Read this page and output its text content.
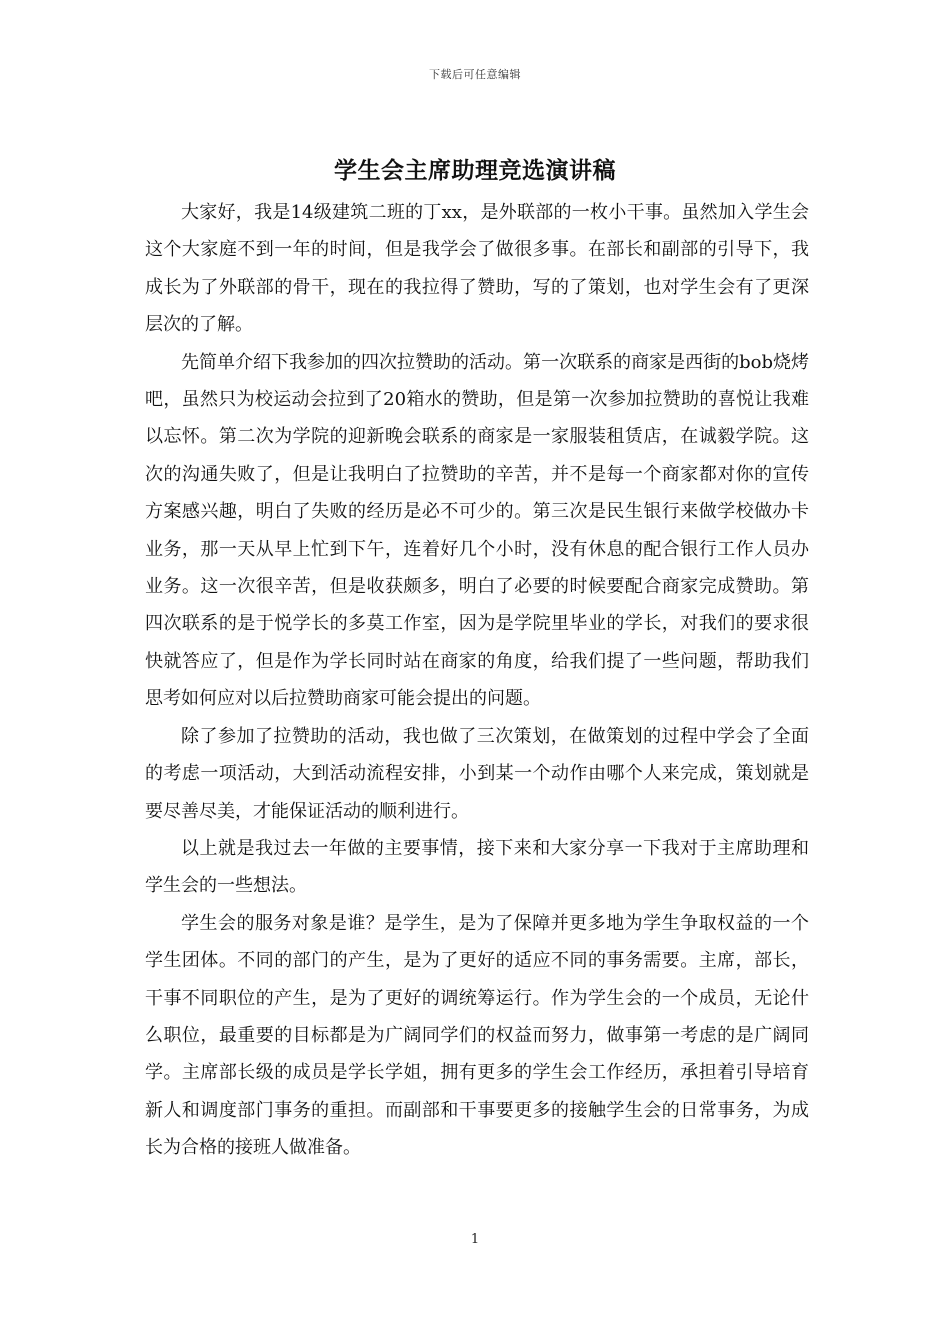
下载后可任意编辑
学生会主席助理竞选演讲稿

大家好，我是14级建筑二班的丁xx，是外联部的一枚小干事。虽然加入学生会这个大家庭不到一年的时间，但是我学会了做很多事。在部长和副部的引导下，我成长为了外联部的骨干，现在的我拉得了赞助，写的了策划，也对学生会有了更深层次的了解。

先简单介绍下我参加的四次拉赞助的活动。第一次联系的商家是西街的bob烧烤吧，虽然只为校运动会拉到了20箱水的赞助，但是第一次参加拉赞助的喜悦让我难以忘怀。第二次为学院的迎新晚会联系的商家是一家服装租赁店，在诚毅学院。这次的沟通失败了，但是让我明白了拉赞助的辛苦，并不是每一个商家都对你的宣传方案感兴趣，明白了失败的经历是必不可少的。第三次是民生银行来做学校做办卡业务，那一天从早上忙到下午，连着好几个小时，没有休息的配合银行工作人员办业务。这一次很辛苦，但是收获颇多，明白了必要的时候要配合商家完成赞助。第四次联系的是于悦学长的多莫工作室，因为是学院里毕业的学长，对我们的要求很快就答应了，但是作为学长同时站在商家的角度，给我们提了一些问题，帮助我们思考如何应对以后拉赞助商家可能会提出的问题。

除了参加了拉赞助的活动，我也做了三次策划，在做策划的过程中学会了全面的考虑一项活动，大到活动流程安排，小到某一个动作由哪个人来完成，策划就是要尽善尽美，才能保证活动的顺利进行。

以上就是我过去一年做的主要事情，接下来和大家分享一下我对于主席助理和学生会的一些想法。

学生会的服务对象是谁？是学生，是为了保障并更多地为学生争取权益的一个学生团体。不同的部门的产生，是为了更好的适应不同的事务需要。主席，部长，干事不同职位的产生，是为了更好的调统筹运行。作为学生会的一个成员，无论什么职位，最重要的目标都是为广阔同学们的权益而努力，做事第一考虑的是广阔同学。主席部长级的成员是学长学姐，拥有更多的学生会工作经历，承担着引导培育新人和调度部门事务的重担。而副部和干事要更多的接触学生会的日常事务，为成长为合格的接班人做准备。

1
